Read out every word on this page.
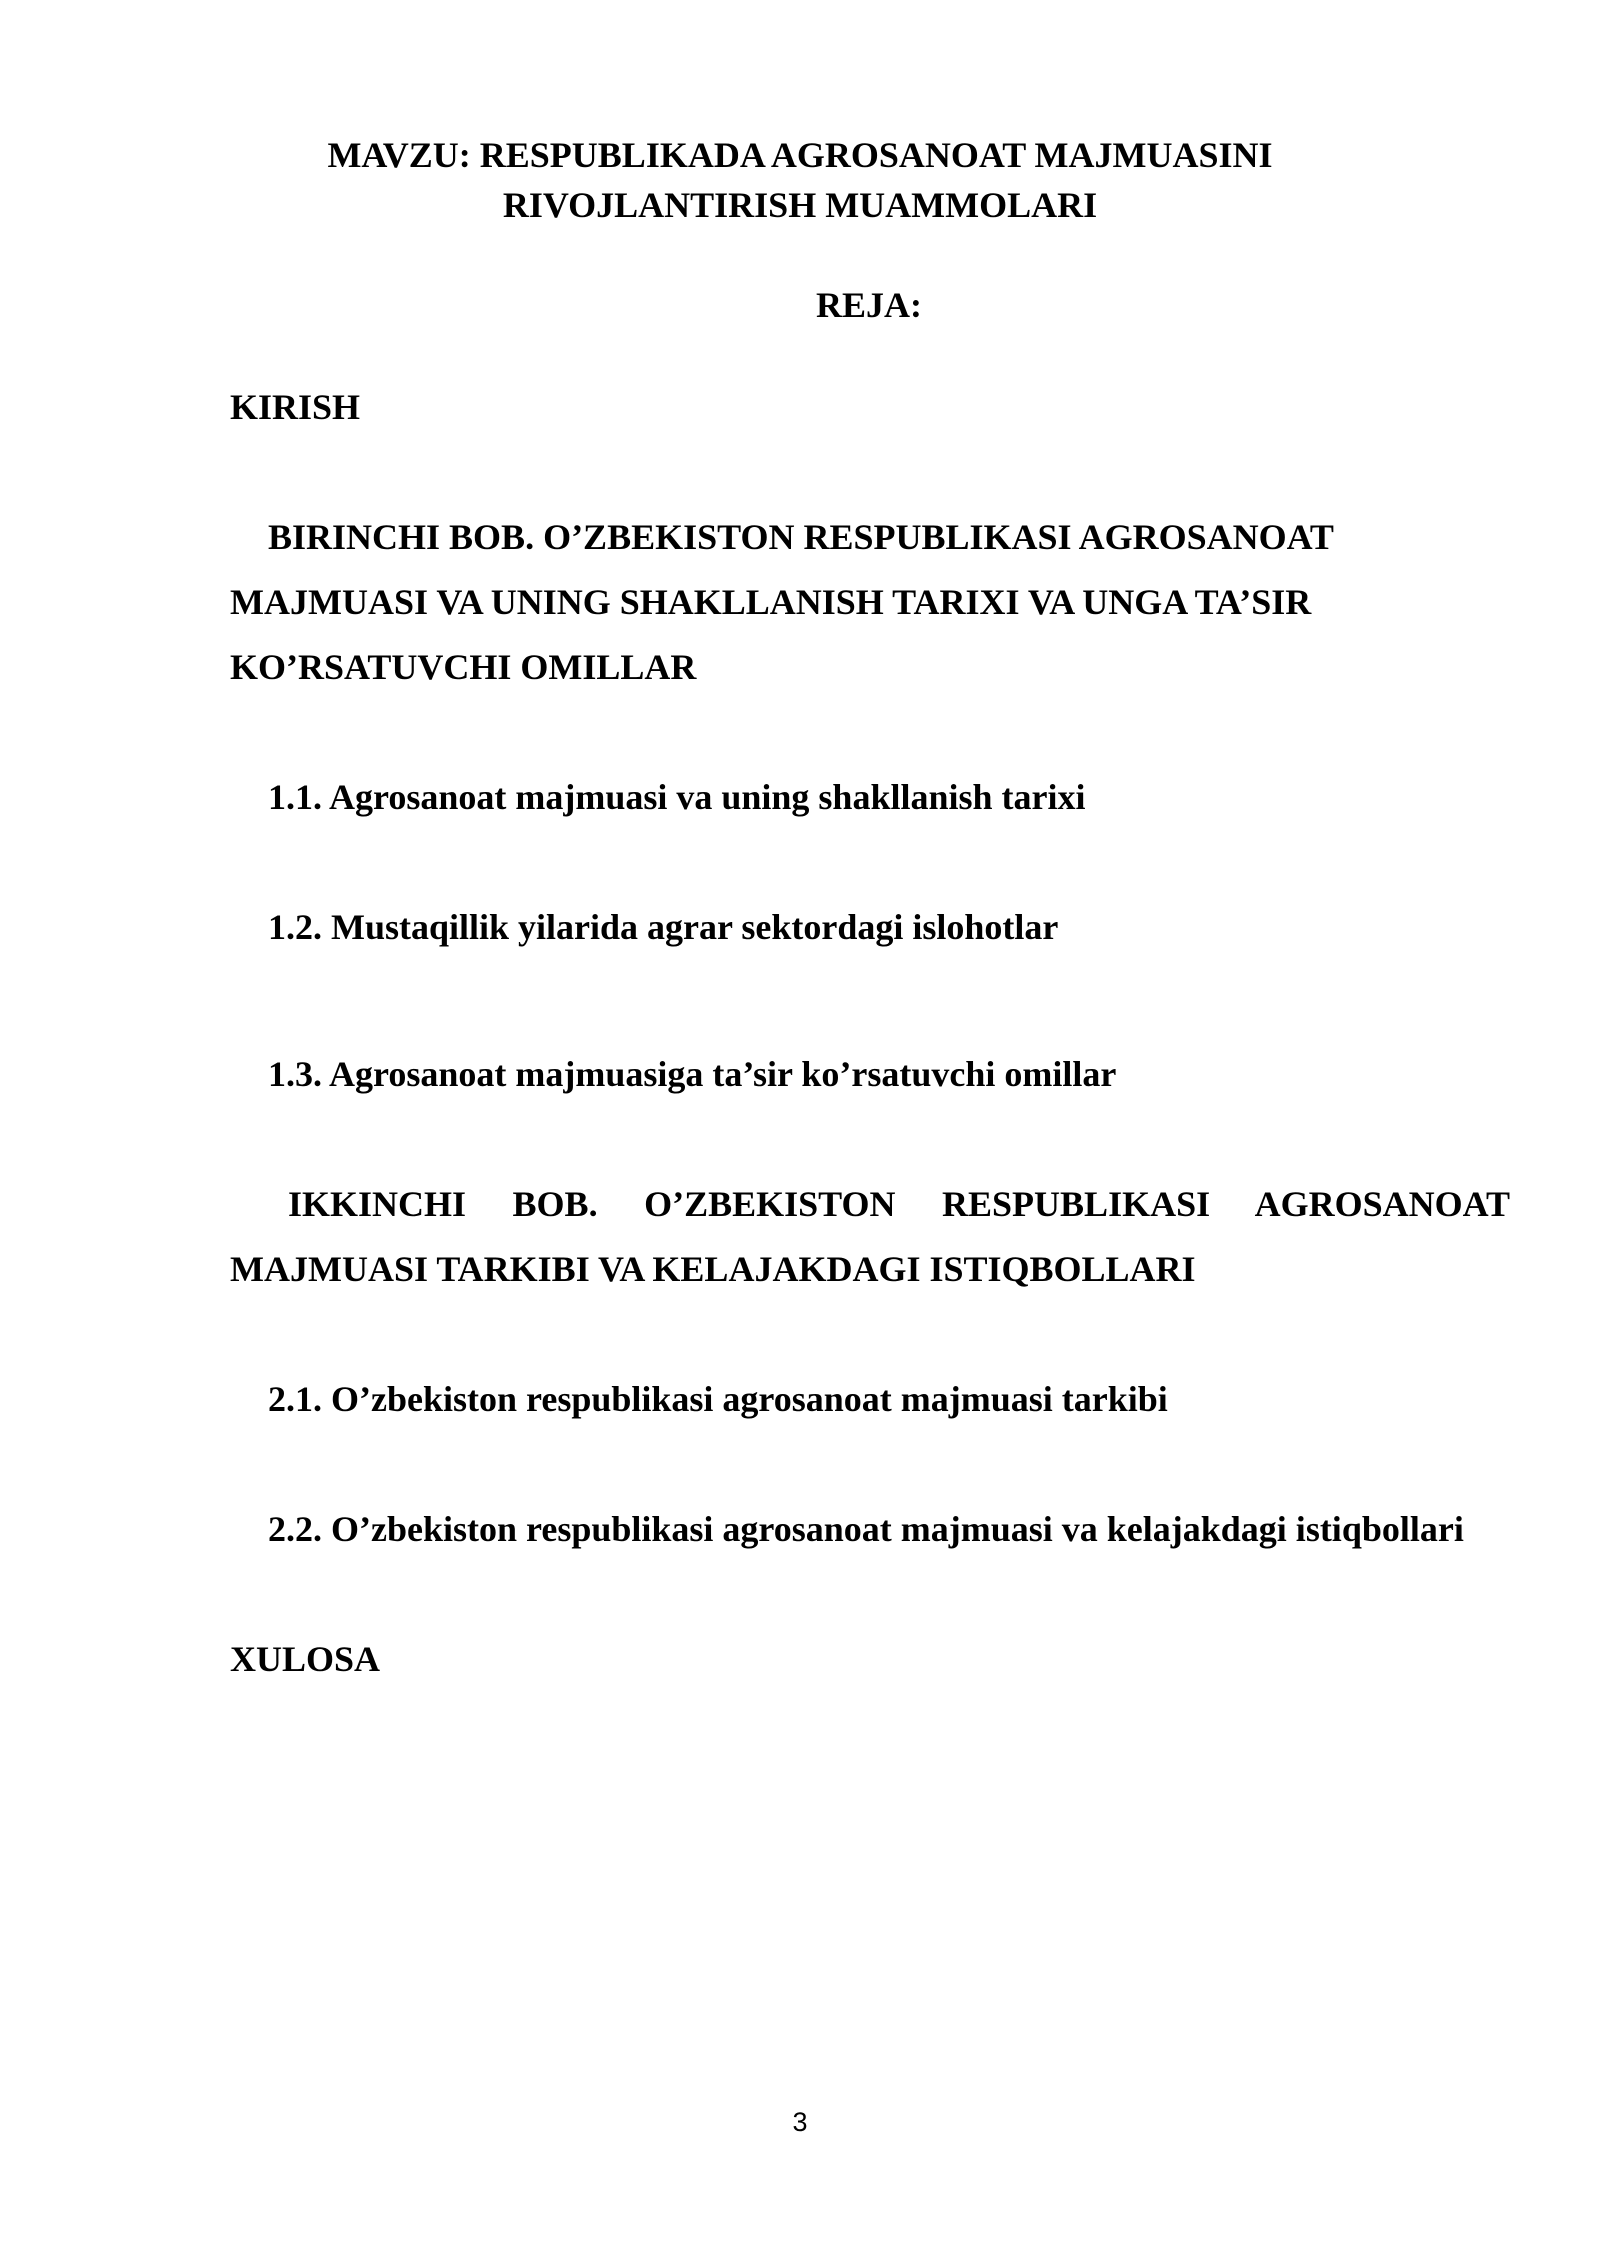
MAVZU: RESPUBLIKADA AGROSANOAT MAJMUASINI
RIVOJLANTIRISH MUAMMOLARI
REJA:
KIRISH
BIRINCHI BOB. O’ZBEKISTON RESPUBLIKASI AGROSANOAT
MAJMUASI VA UNING SHAKLLANISH TARIXI VA UNGA TA’SIR
KO’RSATUVCHI OMILLAR
1.1. Agrosanoat majmuasi va uning shakllanish tarixi
1.2. Mustaqillik yilarida agrar sektordagi islohotlar
1.3. Agrosanoat majmuasiga ta’sir ko’rsatuvchi omillar
IKKINCHI BOB. O’ZBEKISTON RESPUBLIKASI AGROSANOAT
MAJMUASI TARKIBI VA KELAJAKDAGI ISTIQBOLLARI
2.1. O’zbekiston respublikasi agrosanoat majmuasi tarkibi
2.2. O’zbekiston respublikasi agrosanoat majmuasi va kelajakdagi istiqbollari
XULOSA
3
